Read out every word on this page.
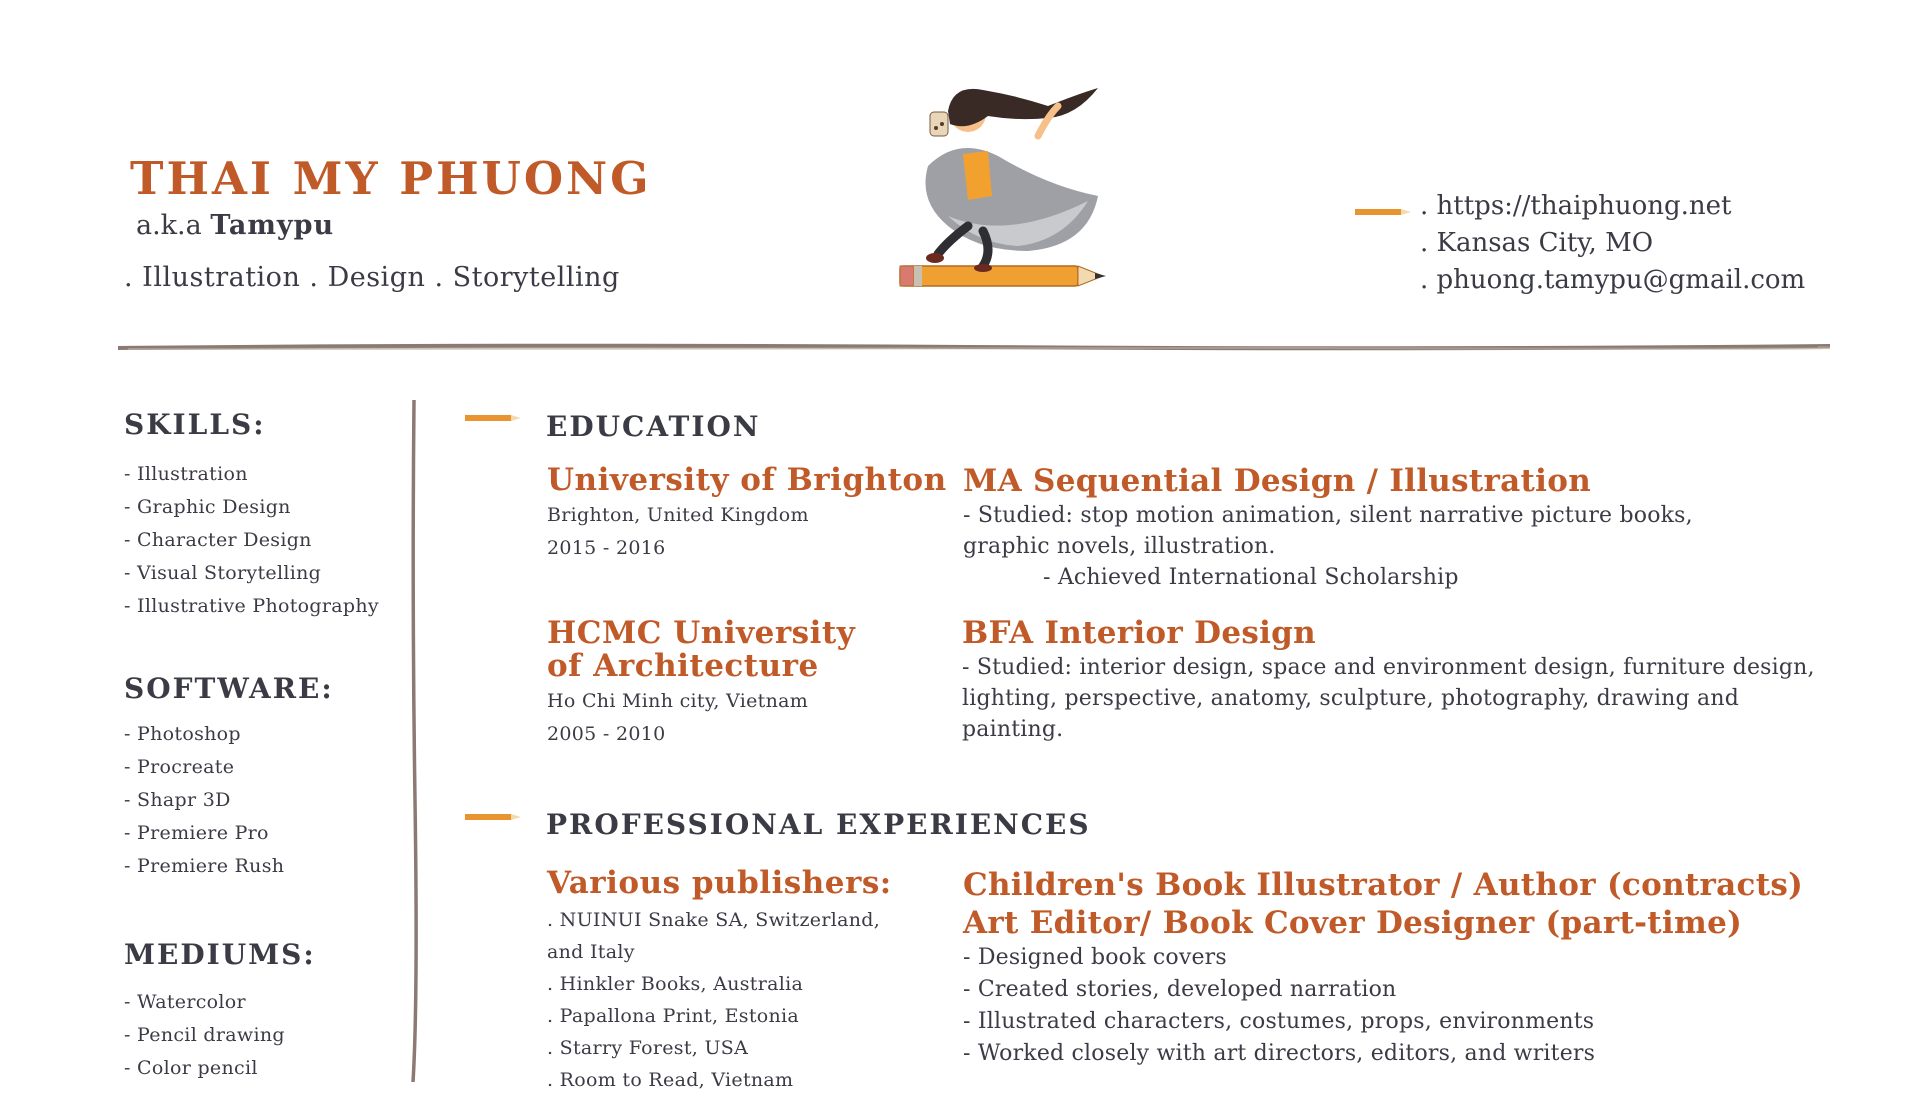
THAI MY PHUONG
a.k.a Tamypu
. Illustration . Design . Storytelling
. https://thaiphuong.net
. Kansas City, MO
. phuong.tamypu@gmail.com
SKILLS:
- Illustration
- Graphic Design
- Character Design
- Visual Storytelling
- Illustrative Photography
SOFTWARE:
- Photoshop
- Procreate
- Shapr 3D
- Premiere Pro
- Premiere Rush
MEDIUMS:
- Watercolor
- Pencil drawing
- Color pencil
EDUCATION
University of Brighton
Brighton, United Kingdom
2015 - 2016
MA Sequential Design / Illustration
- Studied: stop motion animation, silent narrative picture books,
graphic novels, illustration.
- Achieved International Scholarship
HCMC University
of Architecture
Ho Chi Minh city, Vietnam
2005 - 2010
BFA Interior Design
- Studied: interior design, space and environment design, furniture design,
lighting, perspective, anatomy, sculpture, photography, drawing and
painting.
PROFESSIONAL EXPERIENCES
Various publishers:
. NUINUI Snake SA, Switzerland,
and Italy
. Hinkler Books, Australia
. Papallona Print, Estonia
. Starry Forest, USA
. Room to Read, Vietnam
Children's Book Illustrator / Author (contracts)
Art Editor/ Book Cover Designer (part-time)
- Designed book covers
- Created stories, developed narration
- Illustrated characters, costumes, props, environments
- Worked closely with art directors, editors, and writers
